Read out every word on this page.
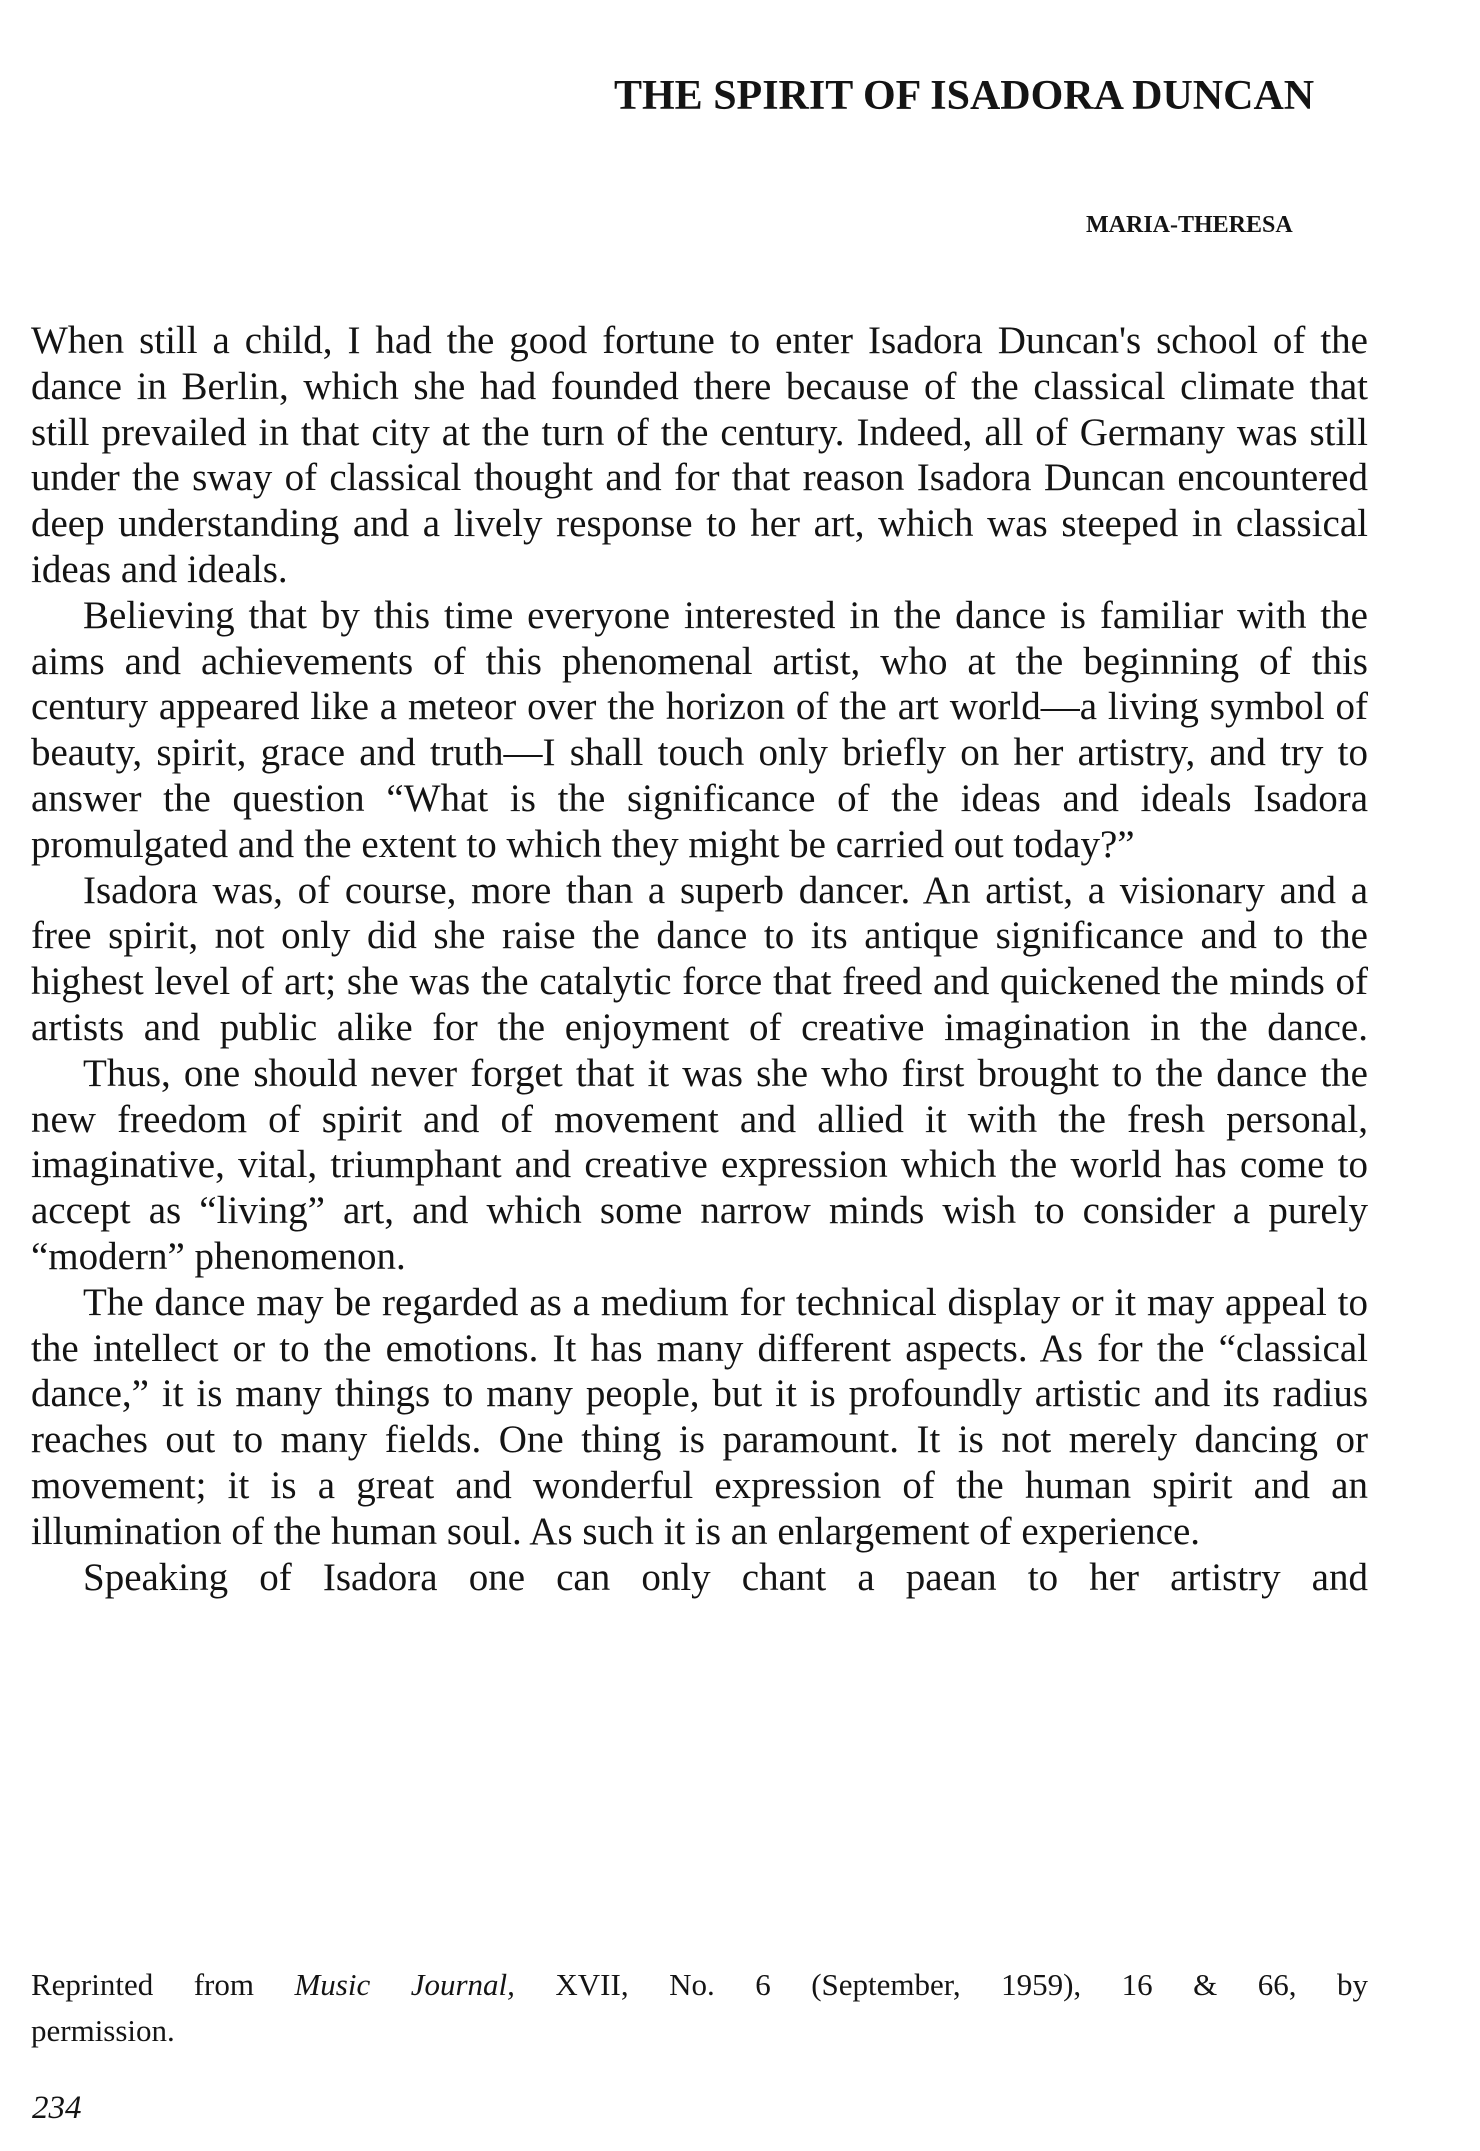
THE SPIRIT OF ISADORA DUNCAN
MARIA-THERESA

When still a child, I had the good fortune to enter Isadora Duncan's school of the dance in Berlin, which she had founded there because of the classical climate that still prevailed in that city at the turn of the century. Indeed, all of Germany was still under the sway of classical thought and for that reason Isadora Duncan encountered deep understanding and a lively response to her art, which was steeped in classical ideas and ideals.

Believing that by this time everyone interested in the dance is familiar with the aims and achievements of this phenomenal artist, who at the beginning of this century appeared like a meteor over the horizon of the art world—a living symbol of beauty, spirit, grace and truth—I shall touch only briefly on her artistry, and try to answer the question “What is the significance of the ideas and ideals Isadora promulgated and the extent to which they might be carried out today?”

Isadora was, of course, more than a superb dancer. An artist, a visionary and a free spirit, not only did she raise the dance to its antique significance and to the highest level of art; she was the catalytic force that freed and quickened the minds of artists and public alike for the enjoyment of creative imagination in the dance.

Thus, one should never forget that it was she who first brought to the dance the new freedom of spirit and of movement and allied it with the fresh personal, imaginative, vital, triumphant and creative expression which the world has come to accept as “living” art, and which some narrow minds wish to consider a purely “modern” phenomenon.

The dance may be regarded as a medium for technical display or it may appeal to the intellect or to the emotions. It has many different aspects. As for the “classical dance,” it is many things to many people, but it is profoundly artistic and its radius reaches out to many fields. One thing is paramount. It is not merely dancing or movement; it is a great and wonderful expression of the human spirit and an illumination of the human soul. As such it is an enlargement of experience.

Speaking of Isadora one can only chant a paean to her artistry and

Reprinted from Music Journal, XVII, No. 6 (September, 1959), 16 & 66, by
permission.
234
